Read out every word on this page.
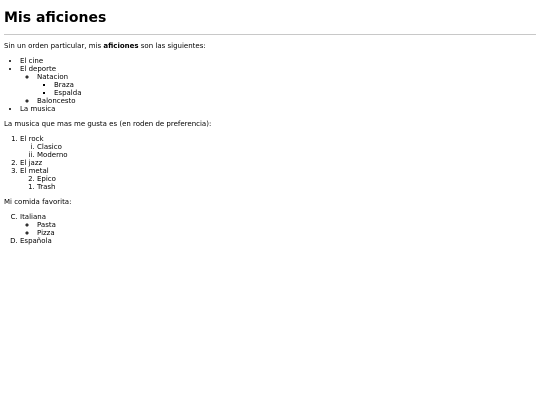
Mis aficiones

Sin un orden particular, mis aficiones son las siguientes:

• El cine
• El deporte
◦ Natacion
▪ Braza
▪ Espalda
◦ Baloncesto
• La musica

La musica que mas me gusta es (en roden de preferencia):

1. El rock
i. Clasico
ii. Moderno
2. El jazz
3. El metal
2. Epico
1. Trash

Mi comida favorita:

C. Italiana
◦ Pasta
◦ Pizza
D. Española
